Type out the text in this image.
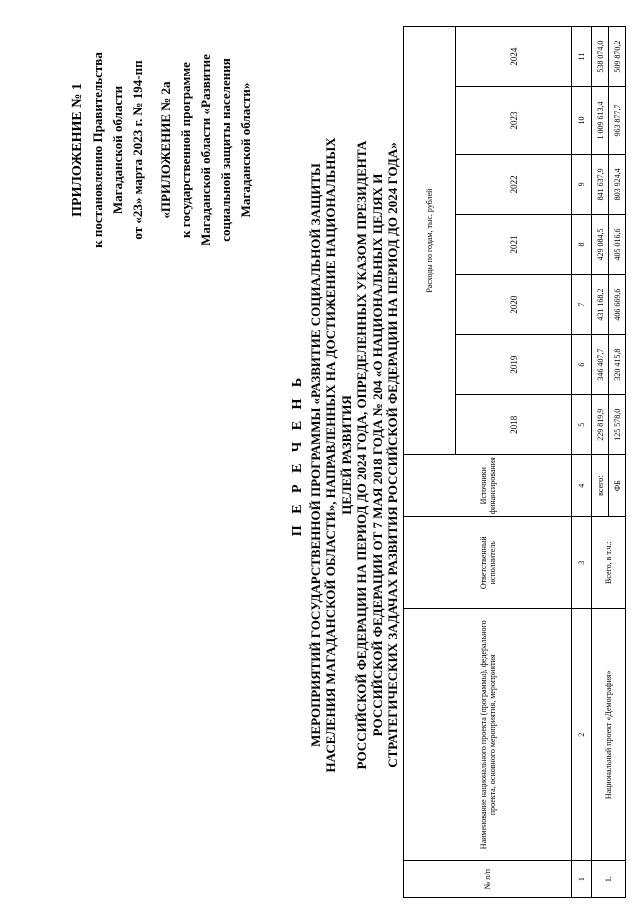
ПРИЛОЖЕНИЕ № 1 к постановлению Правительства Магаданской области от «23» марта 2023 г. № 194-пп «ПРИЛОЖЕНИЕ № 2а к государственной программе Магаданской области «Развитие социальной защиты населения Магаданской области»
П Е Р Е Ч Е Н Ь МЕРОПРИЯТИЙ ГОСУДАРСТВЕННОЙ ПРОГРАММЫ «РАЗВИТИЕ СОЦИАЛЬНОЙ ЗАЩИТЫ НАСЕЛЕНИЯ МАГАДАНСКОЙ ОБЛАСТИ», НАПРАВЛЕННЫХ НА ДОСТИЖЕНИЕ НАЦИОНАЛЬНЫХ ЦЕЛЕЙ РАЗВИТИЯ РОССИЙСКОЙ ФЕДЕРАЦИИ НА ПЕРИОД ДО 2024 ГОДА, ОПРЕДЕЛЕННЫХ УКАЗОМ ПРЕЗИДЕНТА РОССИЙСКОЙ ФЕДЕРАЦИИ ОТ 7 МАЯ 2018 ГОДА № 204 «О НАЦИОНАЛЬНЫХ ЦЕЛЯХ И СТРАТЕГИЧЕСКИХ ЗАДАЧАХ РАЗВИТИЯ РОССИЙСКОЙ ФЕДЕРАЦИИ НА ПЕРИОД ДО 2024 ГОДА»
№ п/п	Наименование национального проекта (программы), федерального проекта, основного мероприятия, мероприятия	Ответственный исполнитель	Источники финансирования	Расходы по годам, тыс. рублей						
				2018	2019	2020	2021	2022	2023	2024
1	2	3	4	5	6	7	8	9	10	11
1.	Национальный проект «Демография»	Всего, в т.ч.:	всего:	229 819,9	346 407,7	431 168,2	429 084,5	841 637,9	1 009 613,4	538 074,0
			ФБ	125 578,0	320 415,8	406 669,6	405 016,6	803 924,4	963 877,7	509 870,2
